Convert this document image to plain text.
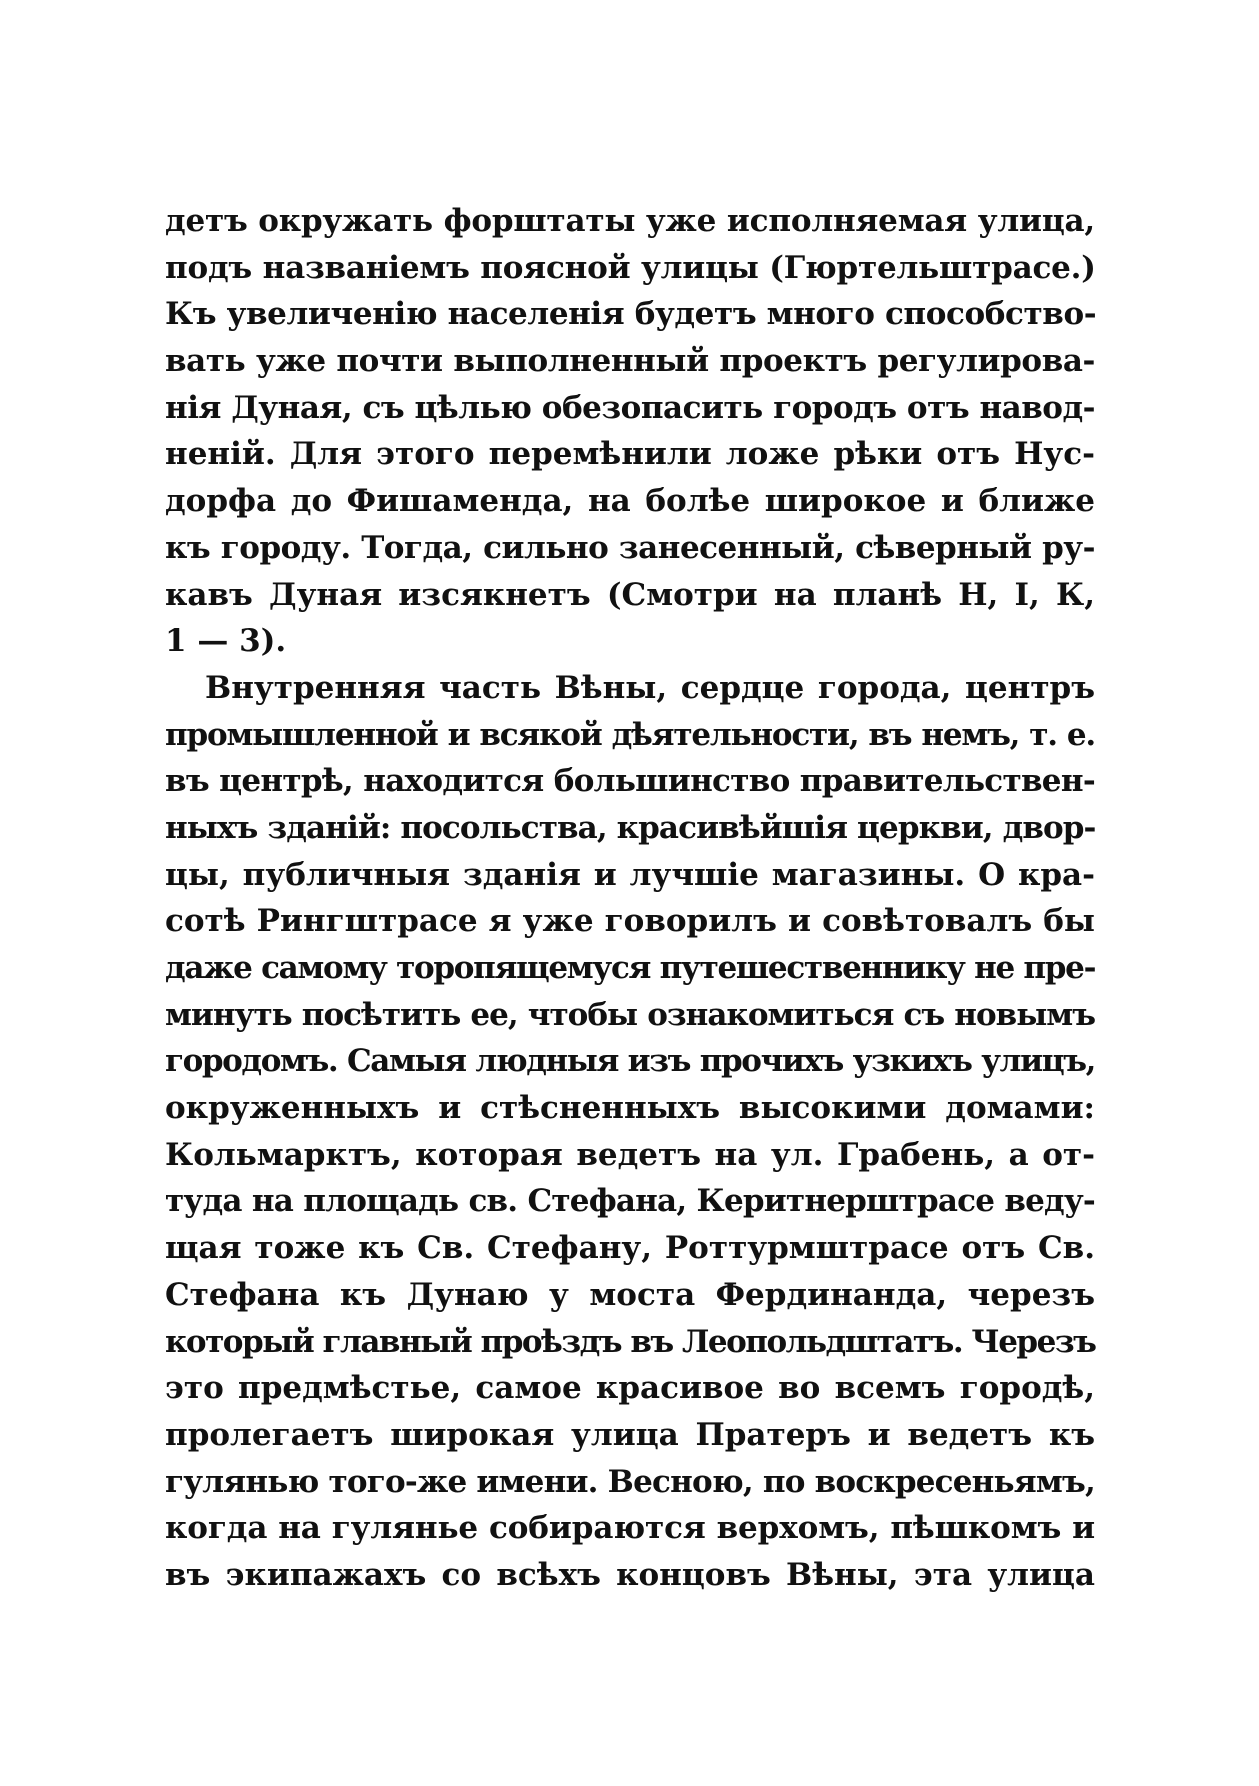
детъ окружать форштаты уже исполняемая улица,
подъ названіемъ поясной улицы (Гюртельштрасе.)
Къ увеличенію населенія будетъ много способство-
вать уже почти выполненный проектъ регулирова-
нія Дуная, съ цѣлью обезопасить городъ отъ навод-
неній. Для этого перемѣнили ложе рѣки отъ Нус-
дорфа до Фишаменда, на болѣе широкое и ближе
къ городу. Тогда, сильно занесенный, сѣверный ру-
кавъ Дуная изсякнетъ (Смотри на планѣ Н, I, К,
1 — 3).
Внутренняя часть Вѣны, сердце города, центръ
промышленной и всякой дѣятельности, въ немъ, т. е.
въ центрѣ, находится большинство правительствен-
ныхъ зданій: посольства, красивѣйшія церкви, двор-
цы, публичныя зданія и лучшіе магазины. О кра-
сотѣ Рингштрасе я уже говорилъ и совѣтовалъ бы
даже самому торопящемуся путешественнику не пре-
минуть посѣтить ее, чтобы ознакомиться съ новымъ
городомъ. Самыя людныя изъ прочихъ узкихъ улицъ,
окруженныхъ и стѣсненныхъ высокими домами:
Кольмарктъ, которая ведетъ на ул. Грабень, а от-
туда на площадь св. Стефана, Керитнерштрасе веду-
щая тоже къ Св. Стефану, Роттурмштрасе отъ Св.
Стефана къ Дунаю у моста Фердинанда, черезъ
который главный проѣздъ въ Леопольдштатъ. Черезъ
это предмѣстье, самое красивое во всемъ городѣ,
пролегаетъ широкая улица Пратеръ и ведетъ къ
гулянью того-же имени. Весною, по воскресеньямъ,
когда на гулянье собираются верхомъ, пѣшкомъ и
въ экипажахъ со всѣхъ концовъ Вѣны, эта улица
